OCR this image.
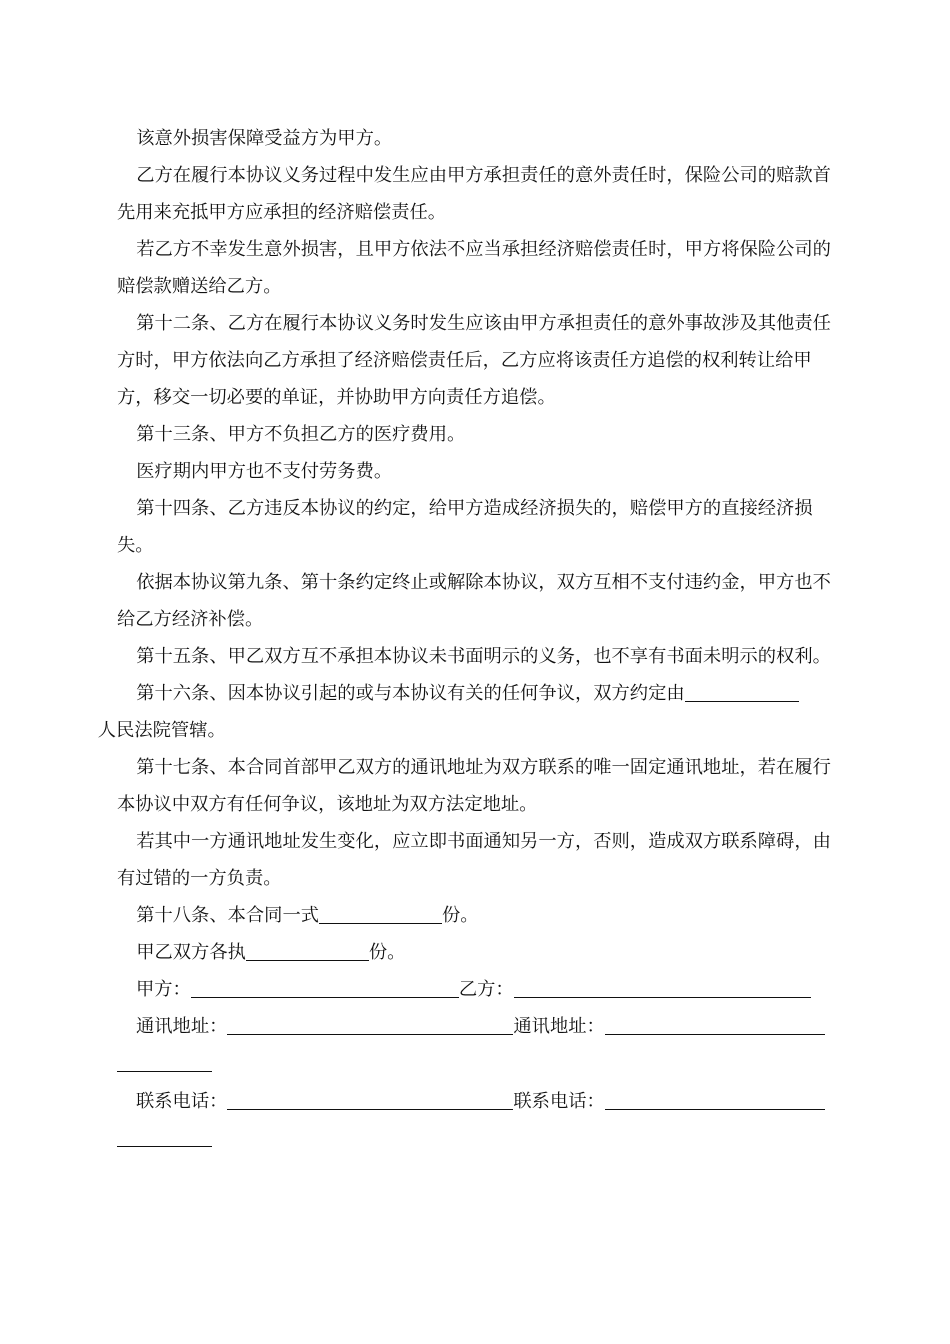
该意外损害保障受益方为甲方。

乙方在履行本协议义务过程中发生应由甲方承担责任的意外责任时，保险公司的赔款首先用来充抵甲方应承担的经济赔偿责任。

若乙方不幸发生意外损害，且甲方依法不应当承担经济赔偿责任时，甲方将保险公司的赔偿款赠送给乙方。

第十二条、乙方在履行本协议义务时发生应该由甲方承担责任的意外事故涉及其他责任方时，甲方依法向乙方承担了经济赔偿责任后，乙方应将该责任方追偿的权利转让给甲方，移交一切必要的单证，并协助甲方向责任方追偿。

第十三条、甲方不负担乙方的医疗费用。

医疗期内甲方也不支付劳务费。

第十四条、乙方违反本协议的约定，给甲方造成经济损失的，赔偿甲方的直接经济损失。

依据本协议第九条、第十条约定终止或解除本协议，双方互相不支付违约金，甲方也不给乙方经济补偿。

第十五条、甲乙双方互不承担本协议未书面明示的义务，也不享有书面未明示的权利。

第十六条、因本协议引起的或与本协议有关的任何争议，双方约定由
人民法院管辖。

第十七条、本合同首部甲乙双方的通讯地址为双方联系的唯一固定通讯地址，若在履行本协议中双方有任何争议，该地址为双方法定地址。

若其中一方通讯地址发生变化，应立即书面通知另一方，否则，造成双方联系障碍，由有过错的一方负责。

第十八条、本合同一式	份。

甲乙双方各执	份。

甲方：	乙方：
通讯地址：	通讯地址：
联系电话：	联系电话：
